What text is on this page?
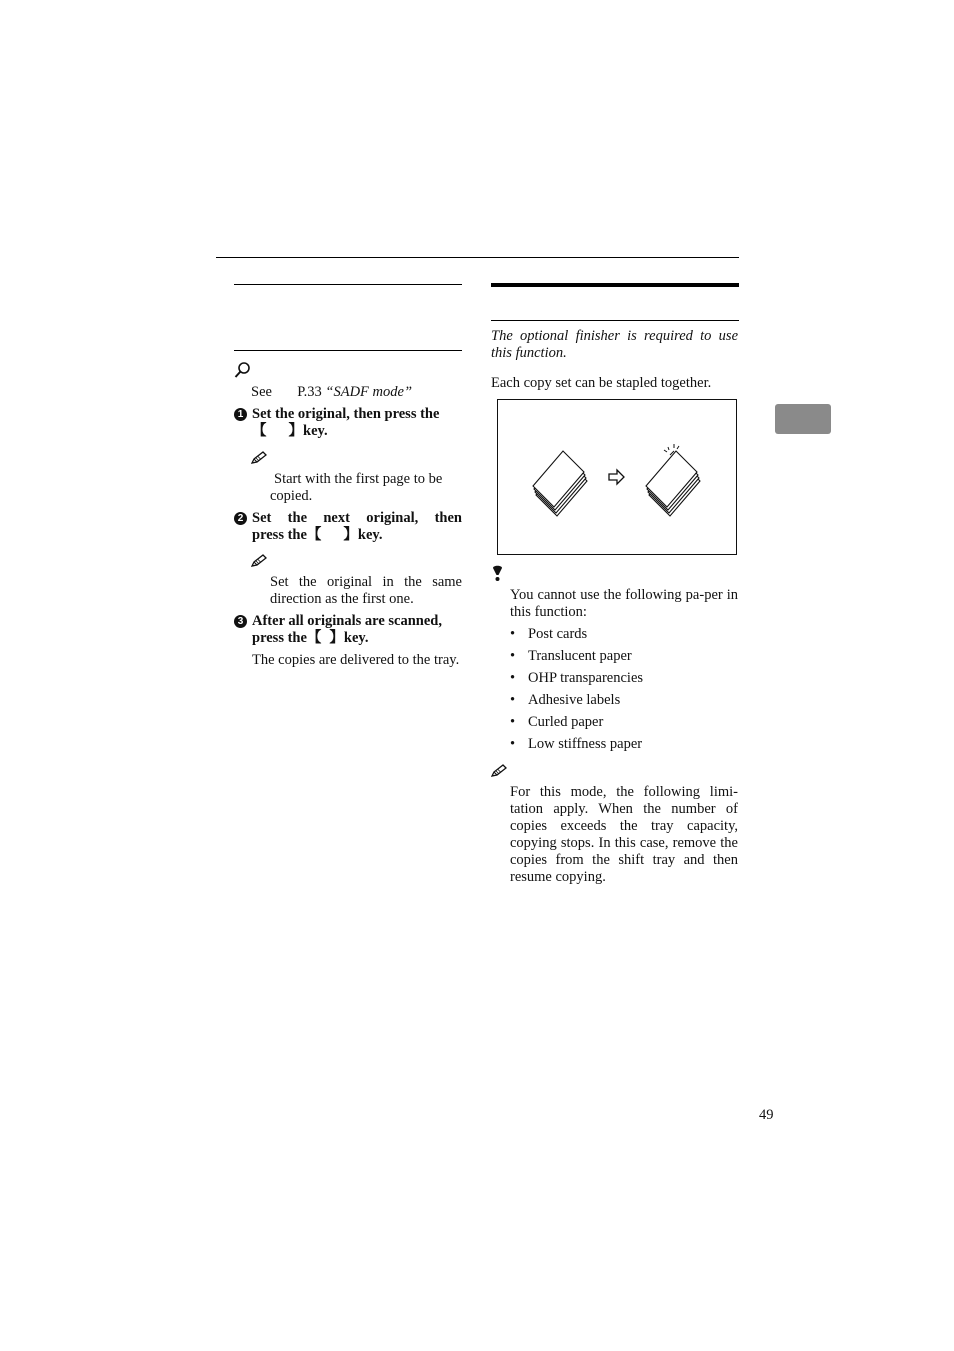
See P.33 “SADF mode”
1 Set the original, then press the
【 】key.
Start with the first page to be copied.
2 Set the next original, then
press the【 】key.
Set the original in the same direction as the first one.
3 After all originals are scanned,
press the【 】key.
The copies are delivered to the tray.
The optional finisher is required to use this function.
Each copy set can be stapled together.
You cannot use the following pa-per in this function:
• Post cards
• Translucent paper
• OHP transparencies
• Adhesive labels
• Curled paper
• Low stiffness paper
For this mode, the following limi-tation apply. When the number of copies exceeds the tray capacity, copying stops. In this case, remove the copies from the shift tray and then resume copying.
49
